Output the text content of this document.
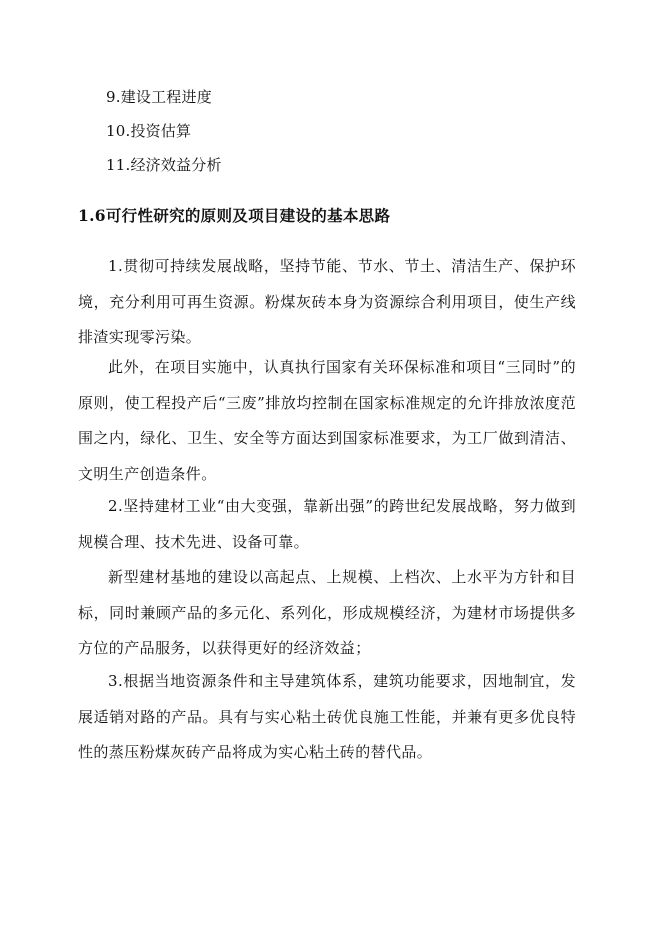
9.建设工程进度
10.投资估算
11.经济效益分析
1.6可行性研究的原则及项目建设的基本思路

1.贯彻可持续发展战略，坚持节能、节水、节土、清洁生产、保护环境，充分利用可再生资源。粉煤灰砖本身为资源综合利用项目，使生产线排渣实现零污染。

此外，在项目实施中，认真执行国家有关环保标准和项目“三同时”的原则，使工程投产后“三废”排放均控制在国家标准规定的允许排放浓度范围之内，绿化、卫生、安全等方面达到国家标准要求，为工厂做到清洁、文明生产创造条件。

2.坚持建材工业“由大变强，靠新出强”的跨世纪发展战略，努力做到规模合理、技术先进、设备可靠。

新型建材基地的建设以高起点、上规模、上档次、上水平为方针和目标，同时兼顾产品的多元化、系列化，形成规模经济，为建材市场提供多方位的产品服务，以获得更好的经济效益；

3.根据当地资源条件和主导建筑体系，建筑功能要求，因地制宜，发展适销对路的产品。具有与实心粘土砖优良施工性能，并兼有更多优良特性的蒸压粉煤灰砖产品将成为实心粘土砖的替代品。
